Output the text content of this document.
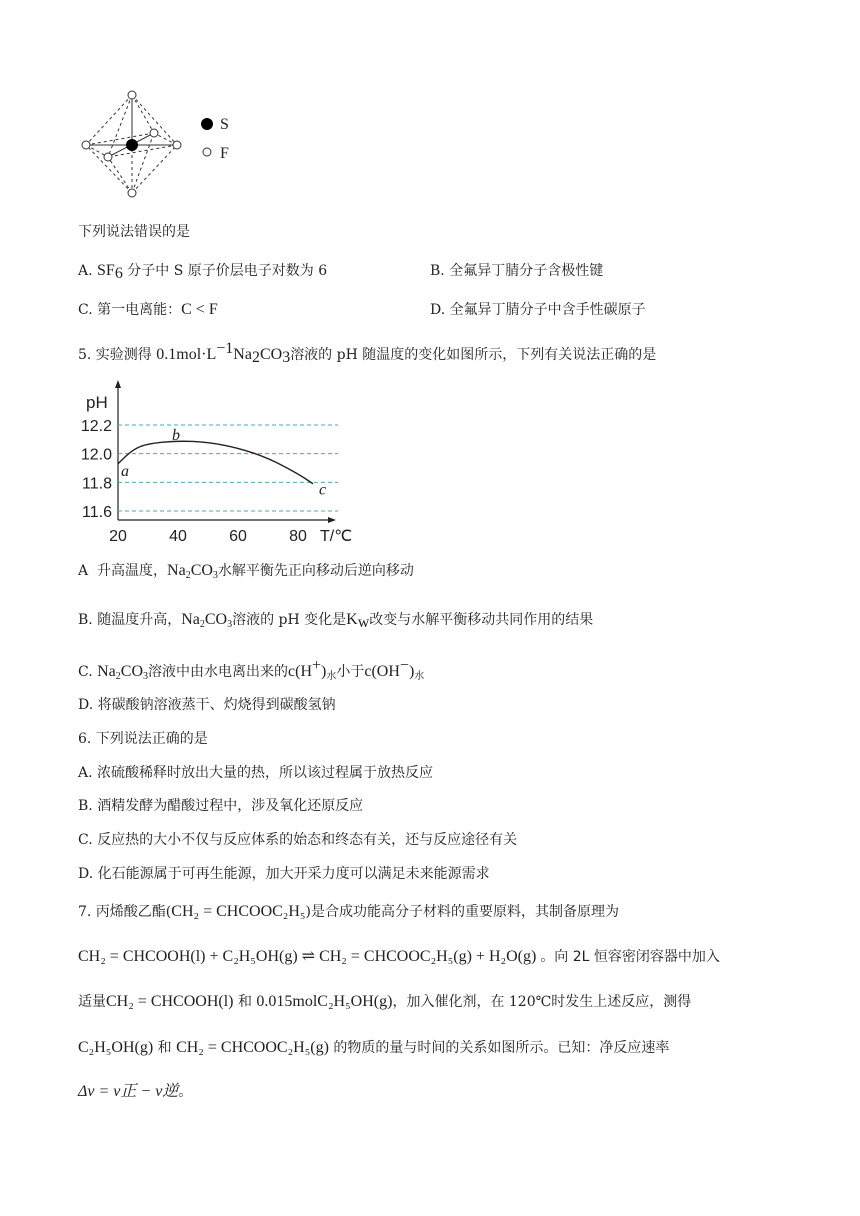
S
F
下列说法错误的是
A. $SF_6$ 分子中 S 原子价层电子对数为 6	B. 全氟异丁腈分子含极性键
C. 第一电离能：C < F	D. 全氟异丁腈分子中含手性碳原子
5. 实验测得 $0.1mol\cdot L^{-1}Na_2CO_3$溶液的 pH 随温度的变化如图所示，下列有关说法正确的是
12.2
12.0
11.8
11.6
20	40	60	80
pH
T/℃
a
b
c
A 升高温度，$Na_2CO_3$水解平衡先正向移动后逆向移动
B. 随温度升高，$Na_2CO_3$溶液的 pH 变化是$K_w$改变与水解平衡移动共同作用的结果
C. $Na_2CO_3$溶液中由水电离出来的$c(H^+)_水$小于$c(OH^-)_水$
D. 将碳酸钠溶液蒸干、灼烧得到碳酸氢钠
6. 下列说法正确的是
A. 浓硫酸稀释时放出大量的热，所以该过程属于放热反应
B. 酒精发酵为醋酸过程中，涉及氧化还原反应
C. 反应热的大小不仅与反应体系的始态和终态有关，还与反应途径有关
D. 化石能源属于可再生能源，加大开采力度可以满足未来能源需求
7. 丙烯酸乙酯(CH₂ = CHCOOC₂H₅)是合成功能高分子材料的重要原料，其制备原理为
CH₂ = CHCOOH(l) + C₂H₅OH(g) ⇌ CH₂ = CHCOOC₂H₅(g) + H₂O(g) 。向 2L 恒容密闭容器中加入
适量CH₂ = CHCOOH(l) 和 0.015molC₂H₅OH(g)，加入催化剂，在 120℃时发生上述反应，测得
C₂H₅OH(g) 和 CH₂ = CHCOOC₂H₅(g) 的物质的量与时间的关系如图所示。已知：净反应速率
Δv = v正 − v逆。
